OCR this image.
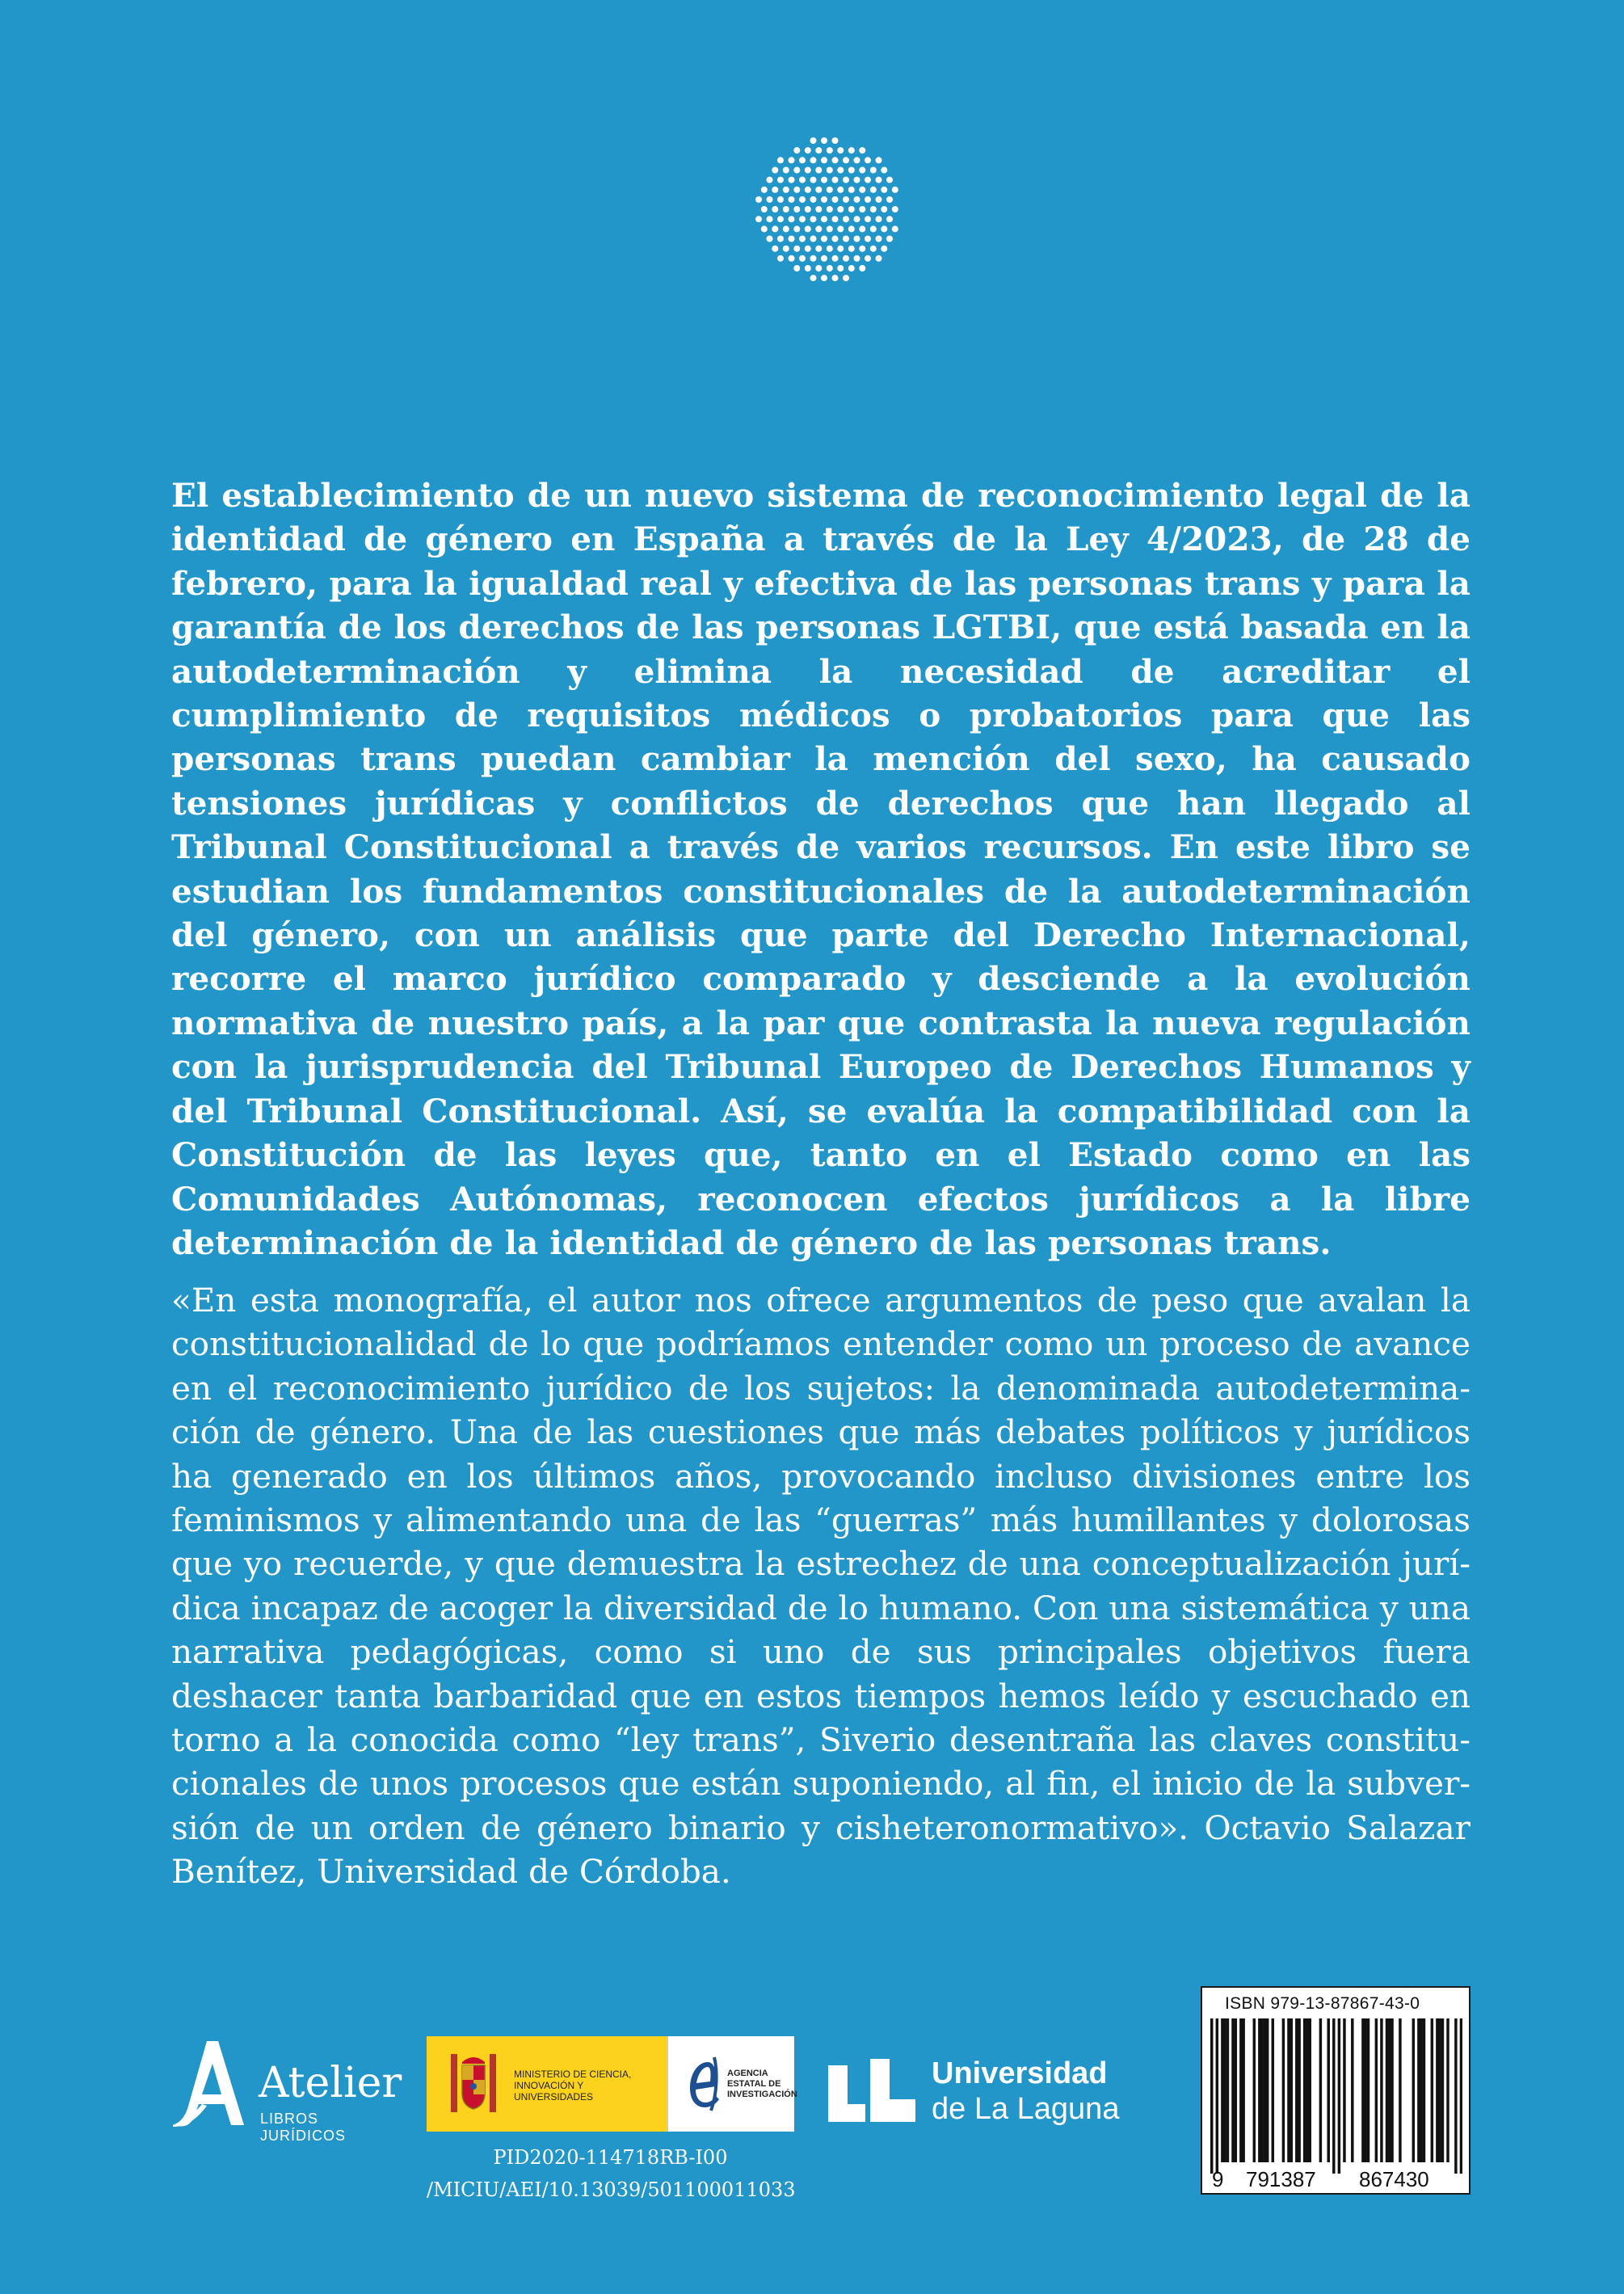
El establecimiento de un nuevo sistema de reconocimiento legal de la identidad de género en España a través de la Ley 4/2023, de 28 de febrero, para la igualdad real y efectiva de las personas trans y para la garantía de los derechos de las personas LGTBI, que está basada en la autodeterminación y elimina la necesidad de acreditar el cumplimiento de requisitos médicos o probatorios para que las personas trans puedan cambiar la mención del sexo, ha causado tensiones jurídicas y conflictos de derechos que han llegado al Tribunal Constitucional a través de varios recursos. En este libro se estudian los fundamentos constitucionales de la autodeterminación del género, con un análisis que parte del Derecho Internacional, recorre el marco jurídico comparado y desciende a la evolución normativa de nuestro país, a la par que contrasta la nueva regulación con la jurisprudencia del Tribunal Europeo de Derechos Humanos y del Tribunal Constitucional. Así, se evalúa la compatibilidad con la Constitución de las leyes que, tanto en el Estado como en las Comunidades Autónomas, reconocen efectos jurídicos a la libre determinación de la identidad de género de las personas trans.

«En esta monografía, el autor nos ofrece argumentos de peso que avalan la constitucionalidad de lo que podríamos entender como un proceso de avance en el reconocimiento jurídico de los sujetos: la denominada autodeterminación de género. Una de las cuestiones que más debates políticos y jurídicos ha generado en los últimos años, provocando incluso divisiones entre los feminismos y alimentando una de las “guerras” más humillantes y dolorosas que yo recuerde, y que demuestra la estrechez de una conceptualización jurídica incapaz de acoger la diversidad de lo humano. Con una sistemática y una narrativa pedagógicas, como si uno de sus principales objetivos fuera deshacer tanta barbaridad que en estos tiempos hemos leído y escuchado en torno a la conocida como “ley trans”, Siverio desentraña las claves constitucionales de unos procesos que están suponiendo, al fin, el inicio de la subversión de un orden de género binario y cisheteronormativo». Octavio Salazar Benítez, Universidad de Córdoba.

Atelier
LIBROS JURÍDICOS
MINISTERIO DE CIENCIA, INNOVACIÓN Y UNIVERSIDADES
AGENCIA ESTATAL DE INVESTIGACIÓN
PID2020-114718RB-I00
/MICIU/AEI/10.13039/501100011033
Universidad
de La Laguna
ISBN 979-13-87867-43-0
9 791387 867430
